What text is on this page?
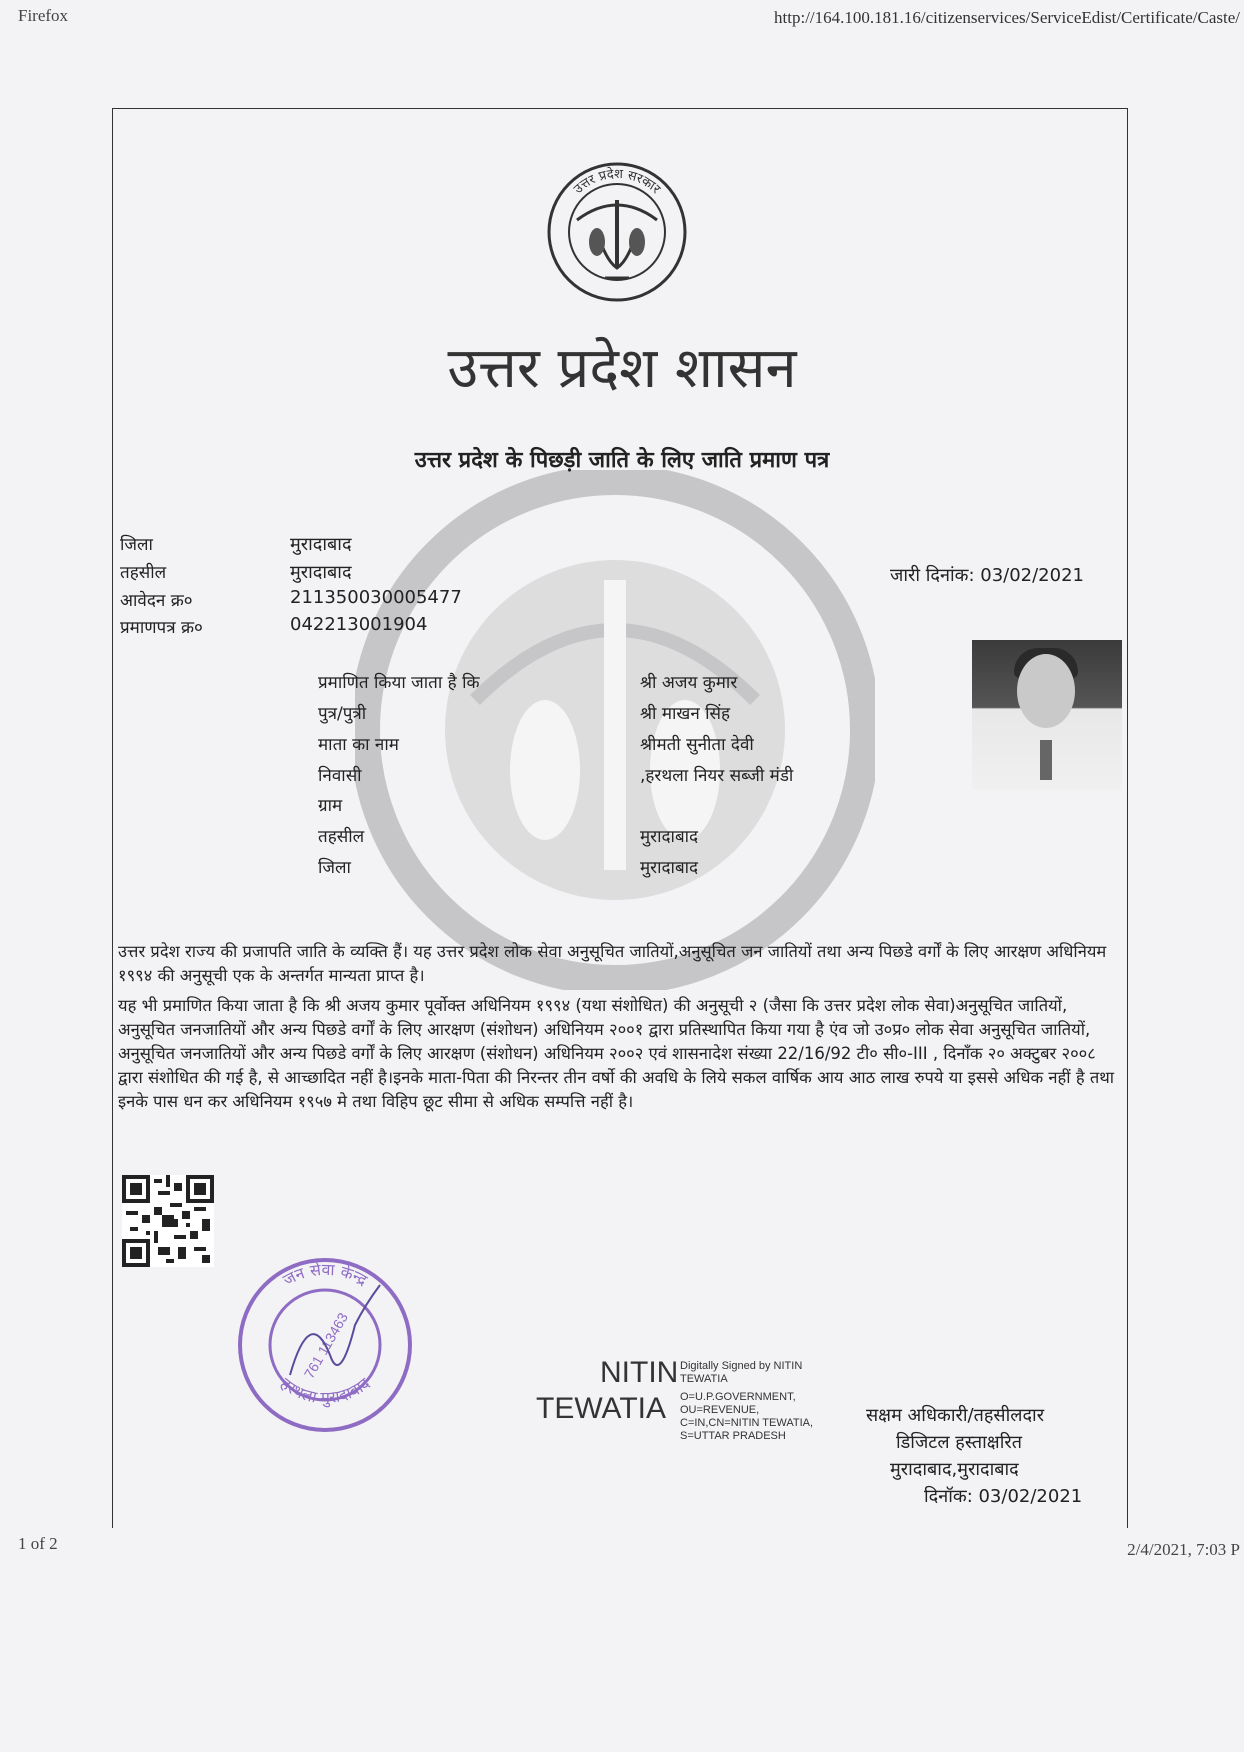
Firefox	http://164.100.181.16/citizenservices/ServiceEdist/Certificate/Caste/
उत्तर प्रदेश सरकार
उत्तर प्रदेश शासन
उत्तर प्रदेश के पिछड़ी जाति के लिए जाति प्रमाण पत्र
जिला	मुरादाबाद
तहसील	मुरादाबाद
आवेदन क्र०	211350030005477
प्रमाणपत्र क्र०	042213001904
जारी दिनांक: 03/02/2021
प्रमाणित किया जाता है कि	श्री अजय कुमार
पुत्र/पुत्री	श्री माखन सिंह
माता का नाम	श्रीमती सुनीता देवी
निवासी	,हरथला नियर सब्जी मंडी
ग्राम
तहसील	मुरादाबाद
जिला	मुरादाबाद
उत्तर प्रदेश राज्य की प्रजापति जाति के व्यक्ति हैं। यह उत्तर प्रदेश लोक सेवा अनुसूचित जातियों,अनुसूचित जन जातियों तथा अन्य पिछडे वर्गों के लिए आरक्षण अधिनियम १९९४ की अनुसूची एक के अन्तर्गत मान्यता प्राप्त है।
यह भी प्रमाणित किया जाता है कि श्री अजय कुमार पूर्वोक्त अधिनियम १९९४ (यथा संशोधित) की अनुसूची २ (जैसा कि उत्तर प्रदेश लोक सेवा)अनुसूचित जातियों, अनुसूचित जनजातियों और अन्य पिछडे वर्गों के लिए आरक्षण (संशोधन) अधिनियम २००१ द्वारा प्रतिस्थापित किया गया है एंव जो उ०प्र० लोक सेवा अनुसूचित जातियों, अनुसूचित जनजातियों और अन्य पिछडे वर्गों के लिए आरक्षण (संशोधन) अधिनियम २००२ एवं शासनादेश संख्या 22/16/92 टी० सी०-III , दिनाँक २० अक्टुबर २००८ द्वारा संशोधित की गई है, से आच्छादित नहीं है।इनके माता-पिता की निरन्तर तीन वर्षो की अवधि के लिये सकल वार्षिक आय आठ लाख रुपये या इससे अधिक नहीं है तथा इनके पास धन कर अधिनियम १९५७ मे तथा विहिप छूट सीमा से अधिक सम्पत्ति नहीं है।
जन सेवा केन्द्र
हरथला मुरादाबाद
761 113463	NITIN
TEWATIA
Digitally Signed by NITIN
TEWATIA
O=U.P.GOVERNMENT,
OU=REVENUE,
C=IN,CN=NITIN TEWATIA,
S=UTTAR PRADESH
सक्षम अधिकारी/तहसीलदार
डिजिटल हस्ताक्षरित
मुरादाबाद,मुरादाबाद
दिनॉक: 03/02/2021
1 of 2	2/4/2021, 7:03 P
